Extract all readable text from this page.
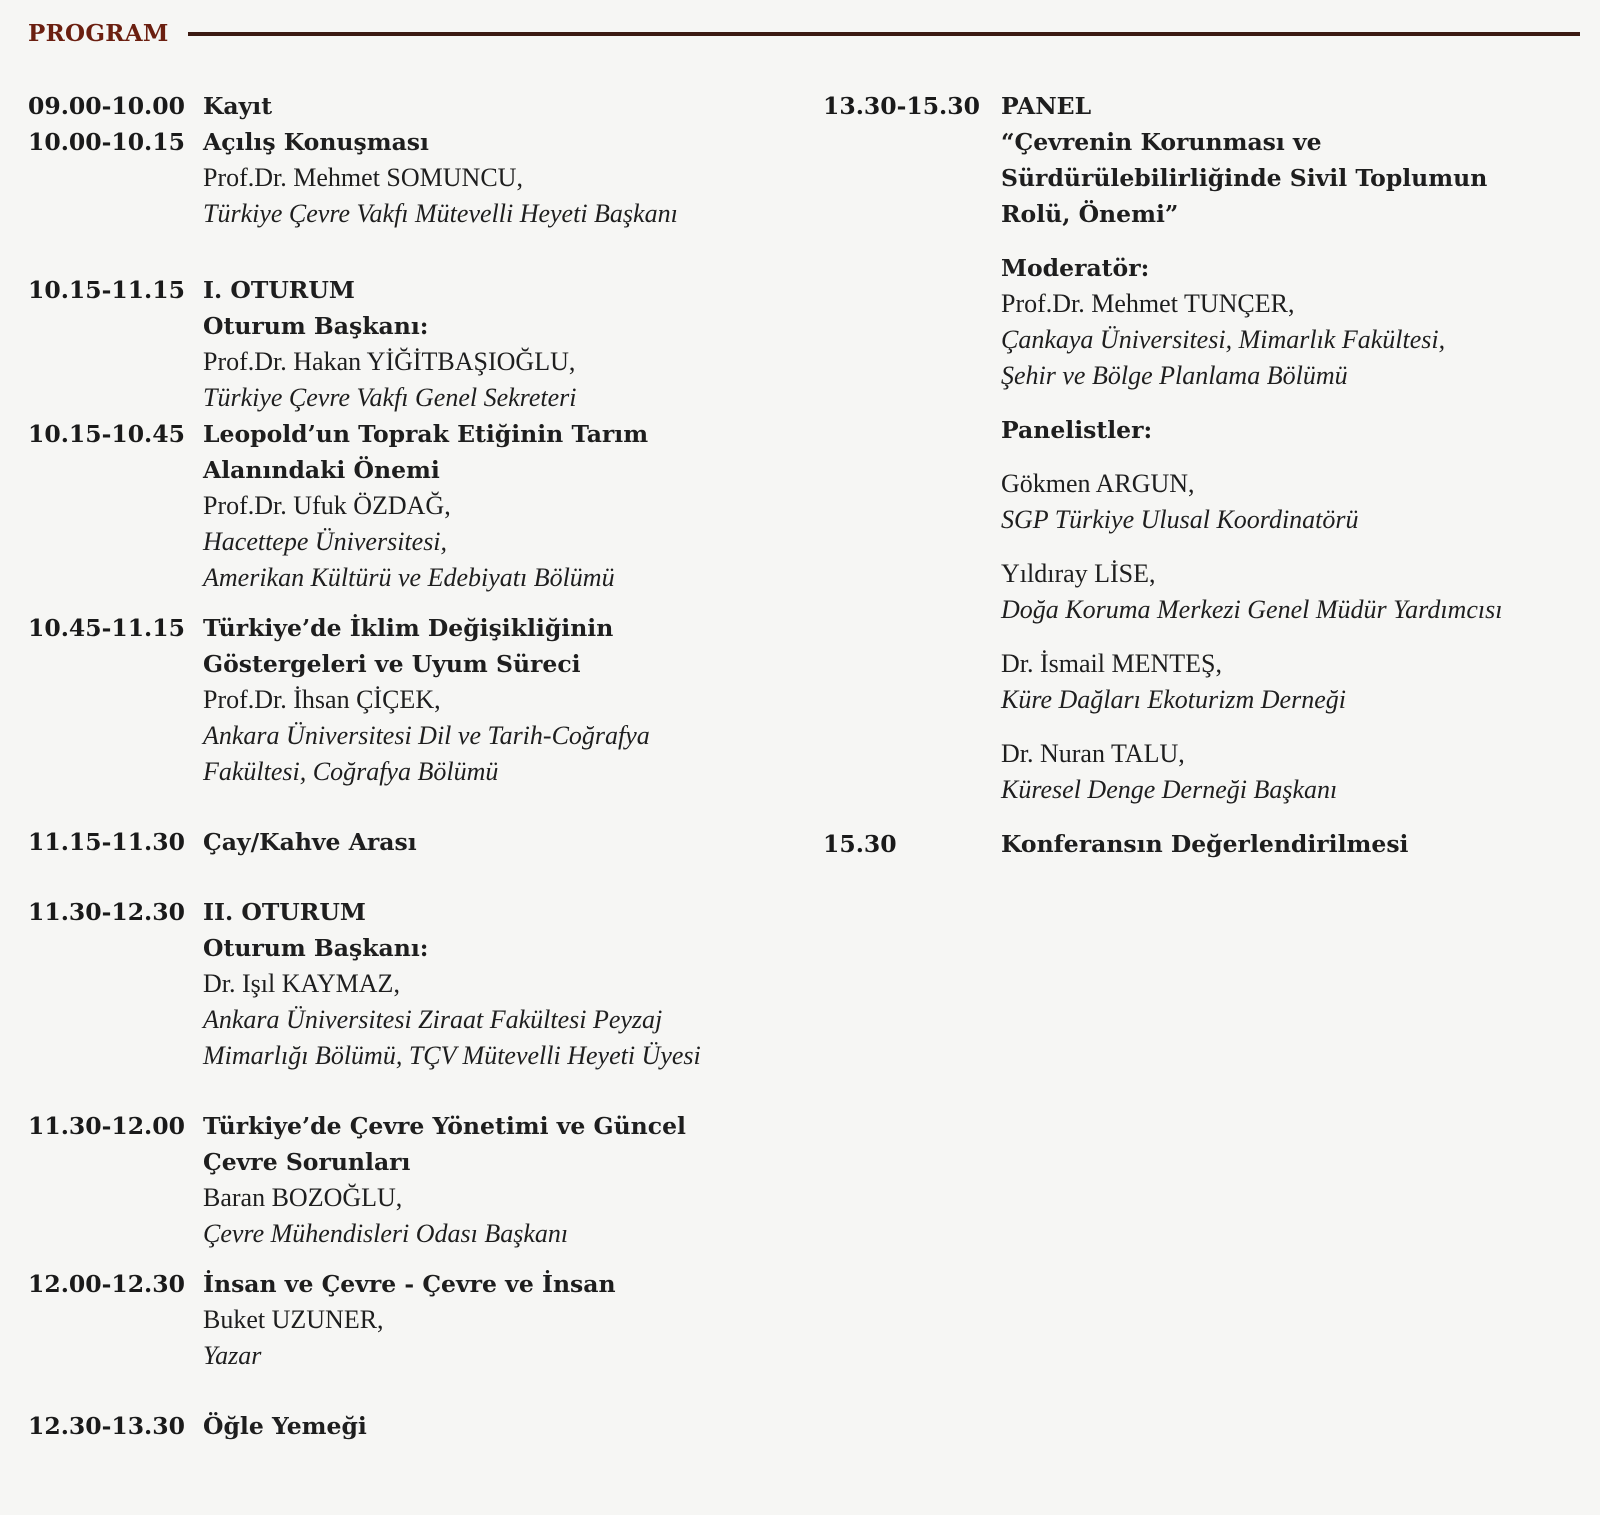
PROGRAM
09.00-10.00 Kayıt
10.00-10.15 Açılış Konuşması
Prof.Dr. Mehmet SOMUNCU,
Türkiye Çevre Vakfı Mütevelli Heyeti Başkanı
10.15-11.15 I. OTURUM
Oturum Başkanı:
Prof.Dr. Hakan YİĞİTBAŞIOĞLU,
Türkiye Çevre Vakfı Genel Sekreteri
10.15-10.45 Leopold’un Toprak Etiğinin Tarım
Alanındaki Önemi
Prof.Dr. Ufuk ÖZDAĞ,
Hacettepe Üniversitesi,
Amerikan Kültürü ve Edebiyatı Bölümü
10.45-11.15 Türkiye’de İklim Değişikliğinin
Göstergeleri ve Uyum Süreci
Prof.Dr. İhsan ÇİÇEK,
Ankara Üniversitesi Dil ve Tarih-Coğrafya
Fakültesi, Coğrafya Bölümü
11.15-11.30 Çay/Kahve Arası
11.30-12.30 II. OTURUM
Oturum Başkanı:
Dr. Işıl KAYMAZ,
Ankara Üniversitesi Ziraat Fakültesi Peyzaj
Mimarlığı Bölümü, TÇV Mütevelli Heyeti Üyesi
11.30-12.00 Türkiye’de Çevre Yönetimi ve Güncel
Çevre Sorunları
Baran BOZOĞLU,
Çevre Mühendisleri Odası Başkanı
12.00-12.30 İnsan ve Çevre - Çevre ve İnsan
Buket UZUNER,
Yazar
12.30-13.30 Öğle Yemeği
13.30-15.30 PANEL
“Çevrenin Korunması ve
Sürdürülebilirliğinde Sivil Toplumun
Rolü, Önemi”
Moderatör:
Prof.Dr. Mehmet TUNÇER,
Çankaya Üniversitesi, Mimarlık Fakültesi,
Şehir ve Bölge Planlama Bölümü
Panelistler:
Gökmen ARGUN,
SGP Türkiye Ulusal Koordinatörü
Yıldıray LİSE,
Doğa Koruma Merkezi Genel Müdür Yardımcısı
Dr. İsmail MENTEŞ,
Küre Dağları Ekoturizm Derneği
Dr. Nuran TALU,
Küresel Denge Derneği Başkanı
15.30	Konferansın Değerlendirilmesi
